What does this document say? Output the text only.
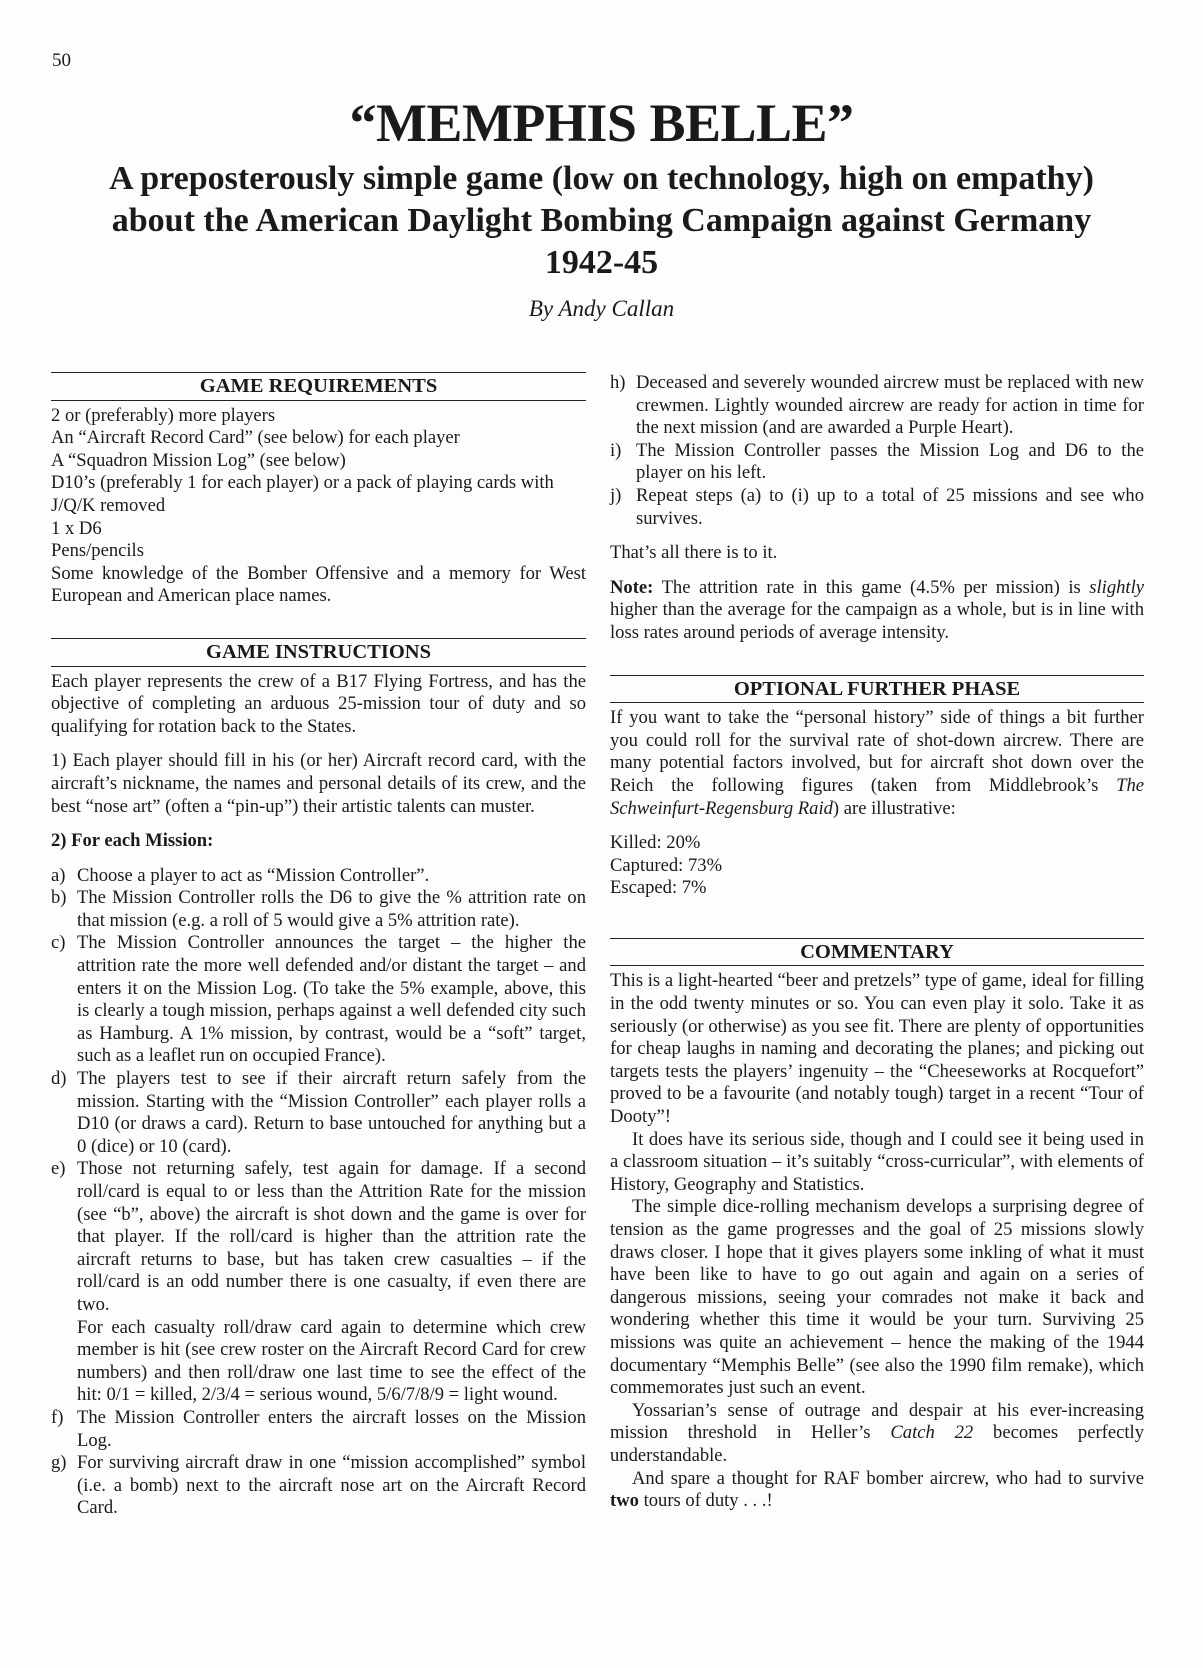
50
“MEMPHIS BELLE”
A preposterously simple game (low on technology, high on empathy) about the American Daylight Bombing Campaign against Germany 1942-45
By Andy Callan
GAME REQUIREMENTS
2 or (preferably) more players
An “Aircraft Record Card” (see below) for each player
A “Squadron Mission Log” (see below)
D10’s (preferably 1 for each player) or a pack of playing cards with J/Q/K removed
1 x D6
Pens/pencils
Some knowledge of the Bomber Offensive and a memory for West European and American place names.
GAME INSTRUCTIONS

Each player represents the crew of a B17 Flying Fortress, and has the objective of completing an arduous 25-mission tour of duty and so qualifying for rotation back to the States.

1) Each player should fill in his (or her) Aircraft record card, with the aircraft’s nickname, the names and personal details of its crew, and the best “nose art” (often a “pin-up”) their artistic talents can muster.

2) For each Mission:

a) Choose a player to act as “Mission Controller”.
b) The Mission Controller rolls the D6 to give the % attrition rate on that mission (e.g. a roll of 5 would give a 5% attrition rate).
c) The Mission Controller announces the target – the higher the attrition rate the more well defended and/or distant the target – and enters it on the Mission Log. (To take the 5% example, above, this is clearly a tough mission, perhaps against a well defended city such as Hamburg. A 1% mission, by contrast, would be a “soft” target, such as a leaflet run on occupied France).
d) The players test to see if their aircraft return safely from the mission. Starting with the “Mission Controller” each player rolls a D10 (or draws a card). Return to base untouched for anything but a 0 (dice) or 10 (card).
e) Those not returning safely, test again for damage. If a second roll/card is equal to or less than the Attrition Rate for the mission (see “b”, above) the aircraft is shot down and the game is over for that player. If the roll/card is higher than the attrition rate the aircraft returns to base, but has taken crew casualties – if the roll/card is an odd number there is one casualty, if even there are two.
For each casualty roll/draw card again to determine which crew member is hit (see crew roster on the Aircraft Record Card for crew numbers) and then roll/draw one last time to see the effect of the hit: 0/1 = killed, 2/3/4 = serious wound, 5/6/7/8/9 = light wound.
f) The Mission Controller enters the aircraft losses on the Mission Log.
g) For surviving aircraft draw in one “mission accomplished” symbol (i.e. a bomb) next to the aircraft nose art on the Aircraft Record Card.
h) Deceased and severely wounded aircrew must be replaced with new crewmen. Lightly wounded aircrew are ready for action in time for the next mission (and are awarded a Purple Heart).
i) The Mission Controller passes the Mission Log and D6 to the player on his left.
j) Repeat steps (a) to (i) up to a total of 25 missions and see who survives.

That’s all there is to it.

Note: The attrition rate in this game (4.5% per mission) is slightly higher than the average for the campaign as a whole, but is in line with loss rates around periods of average intensity.

OPTIONAL FURTHER PHASE

If you want to take the “personal history” side of things a bit further you could roll for the survival rate of shot-down aircrew. There are many potential factors involved, but for aircraft shot down over the Reich the following figures (taken from Middlebrook’s The Schweinfurt-Regensburg Raid) are illustrative:

Killed: 20%
Captured: 73%
Escaped: 7%
COMMENTARY

This is a light-hearted “beer and pretzels” type of game, ideal for filling in the odd twenty minutes or so. You can even play it solo. Take it as seriously (or otherwise) as you see fit. There are plenty of opportunities for cheap laughs in naming and decorating the planes; and picking out targets tests the players’ ingenuity – the “Cheeseworks at Rocquefort” proved to be a favourite (and notably tough) target in a recent “Tour of Dooty”!

It does have its serious side, though and I could see it being used in a classroom situation – it’s suitably “cross-curricular”, with elements of History, Geography and Statistics.

The simple dice-rolling mechanism develops a surprising degree of tension as the game progresses and the goal of 25 missions slowly draws closer. I hope that it gives players some inkling of what it must have been like to have to go out again and again on a series of dangerous missions, seeing your comrades not make it back and wondering whether this time it would be your turn. Surviving 25 missions was quite an achievement – hence the making of the 1944 documentary “Memphis Belle” (see also the 1990 film remake), which commemorates just such an event.

Yossarian’s sense of outrage and despair at his ever-increasing mission threshold in Heller’s Catch 22 becomes perfectly understandable.

And spare a thought for RAF bomber aircrew, who had to survive two tours of duty . . .!
